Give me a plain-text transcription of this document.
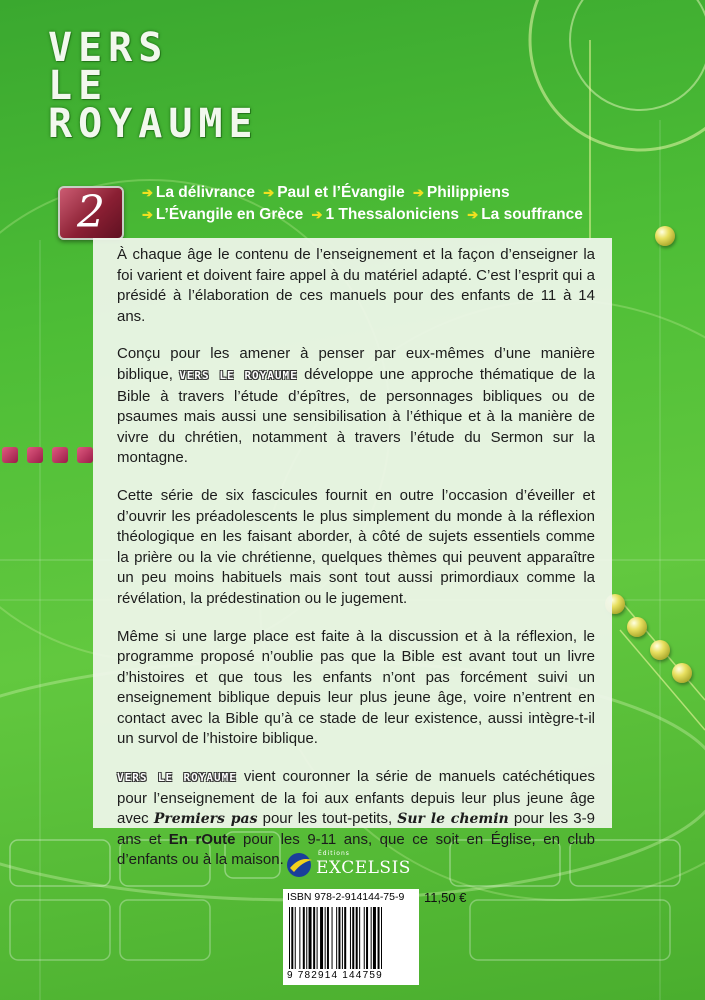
VERS
LE
ROYAUME
2	➔ La délivrance ➔ Paul et l’Évangile ➔ Philippiens
➔ L’Évangile en Grèce ➔ 1 Thessaloniciens ➔ La souffrance

À chaque âge le contenu de l’enseignement et la façon d’enseigner la foi varient et doivent faire appel à du matériel adapté. C’est l’esprit qui a présidé à l’élaboration de ces manuels pour des enfants de 11 à 14 ans.

Conçu pour les amener à penser par eux-mêmes d’une manière biblique, VERS LE ROYAUME développe une approche thématique de la Bible à travers l’étude d’épîtres, de personnages bibliques ou de psaumes mais aussi une sensibilisation à l’éthique et à la manière de vivre du chrétien, notamment à travers l’étude du Sermon sur la montagne.

Cette série de six fascicules fournit en outre l’occasion d’éveiller et d’ouvrir les préadolescents le plus simplement du monde à la réflexion théologique en les faisant aborder, à côté de sujets essentiels comme la prière ou la vie chrétienne, quelques thèmes qui peuvent apparaître un peu moins habituels mais sont tout aussi primordiaux comme la révélation, la prédestination ou le jugement.

Même si une large place est faite à la discussion et à la réflexion, le programme proposé n’oublie pas que la Bible est avant tout un livre d’histoires et que tous les enfants n’ont pas forcément suivi un enseignement biblique depuis leur plus jeune âge, voire n’entrent en contact avec la Bible qu’à ce stade de leur existence, aussi intègre-t-il un survol de l’histoire biblique.

VERS LE ROYAUME vient couronner la série de manuels catéchétiques pour l’enseignement de la foi aux enfants depuis leur plus jeune âge avec Premiers pas pour les tout-petits, Sur le chemin pour les 3-9 ans et En rOute pour les 9-11 ans, que ce soit en Église, en club d’enfants ou à la maison.	Éditions
EXCELSIS
ISBN 978-2-914144-75-9
9 782914 144759
11,50 €
